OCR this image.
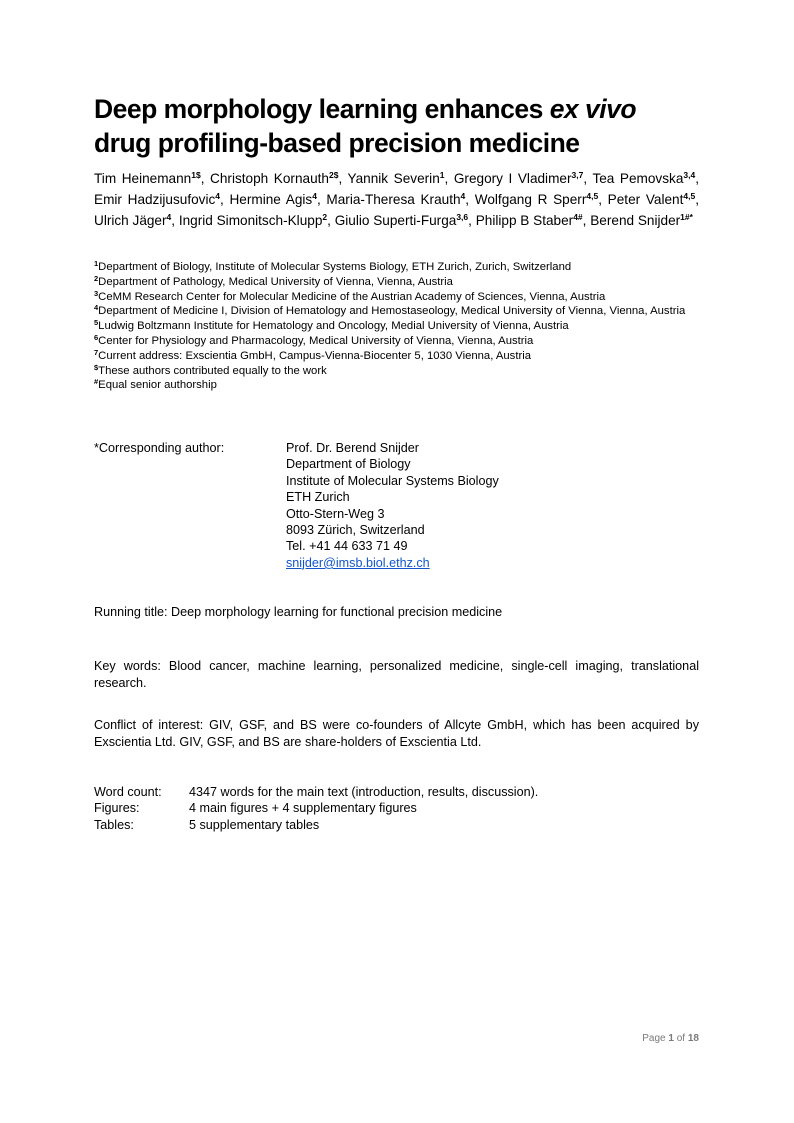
Deep morphology learning enhances ex vivo drug profiling-based precision medicine

Tim Heinemann$^{1\$}$, Christoph Kornauth$^{2\$}$, Yannik Severin$^1$, Gregory I Vladimer$^{3,7}$, Tea Pemovska$^{3,4}$, Emir Hadzijusufovic$^4$, Hermine Agis$^4$, Maria-Theresa Krauth$^4$, Wolfgang R Sperr$^{4,5}$, Peter Valent$^{4,5}$, Ulrich Jäger$^4$, Ingrid Simonitsch-Klupp$^2$, Giulio Superti-Furga$^{3,6}$, Philipp B Staber$^{4\#}$, Berend Snijder$^{1\#*}$

$^1$Department of Biology, Institute of Molecular Systems Biology, ETH Zurich, Zurich, Switzerland
$^2$Department of Pathology, Medical University of Vienna, Vienna, Austria
$^3$CeMM Research Center for Molecular Medicine of the Austrian Academy of Sciences, Vienna, Austria
$^4$Department of Medicine I, Division of Hematology and Hemostaseology, Medical University of Vienna, Vienna, Austria
$^5$Ludwig Boltzmann Institute for Hematology and Oncology, Medial University of Vienna, Austria
$^6$Center for Physiology and Pharmacology, Medical University of Vienna, Vienna, Austria
$^7$Current address: Exscientia GmbH, Campus-Vienna-Biocenter 5, 1030 Vienna, Austria
$These authors contributed equally to the work
#Equal senior authorship
*Corresponding author:	Prof. Dr. Berend Snijder
Department of Biology
Institute of Molecular Systems Biology
ETH Zurich
Otto-Stern-Weg 3
8093 Zürich, Switzerland
Tel. +41 44 633 71 49
snijder@imsb.biol.ethz.ch

Running title: Deep morphology learning for functional precision medicine

Key words: Blood cancer, machine learning, personalized medicine, single-cell imaging, translational research.

Conflict of interest: GIV, GSF, and BS were co-founders of Allcyte GmbH, which has been acquired by Exscientia Ltd. GIV, GSF, and BS are share-holders of Exscientia Ltd.

Word count: 4347 words for the main text (introduction, results, discussion).
Figures:	4 main figures + 4 supplementary figures
Tables:	5 supplementary tables
Page 1 of 18
